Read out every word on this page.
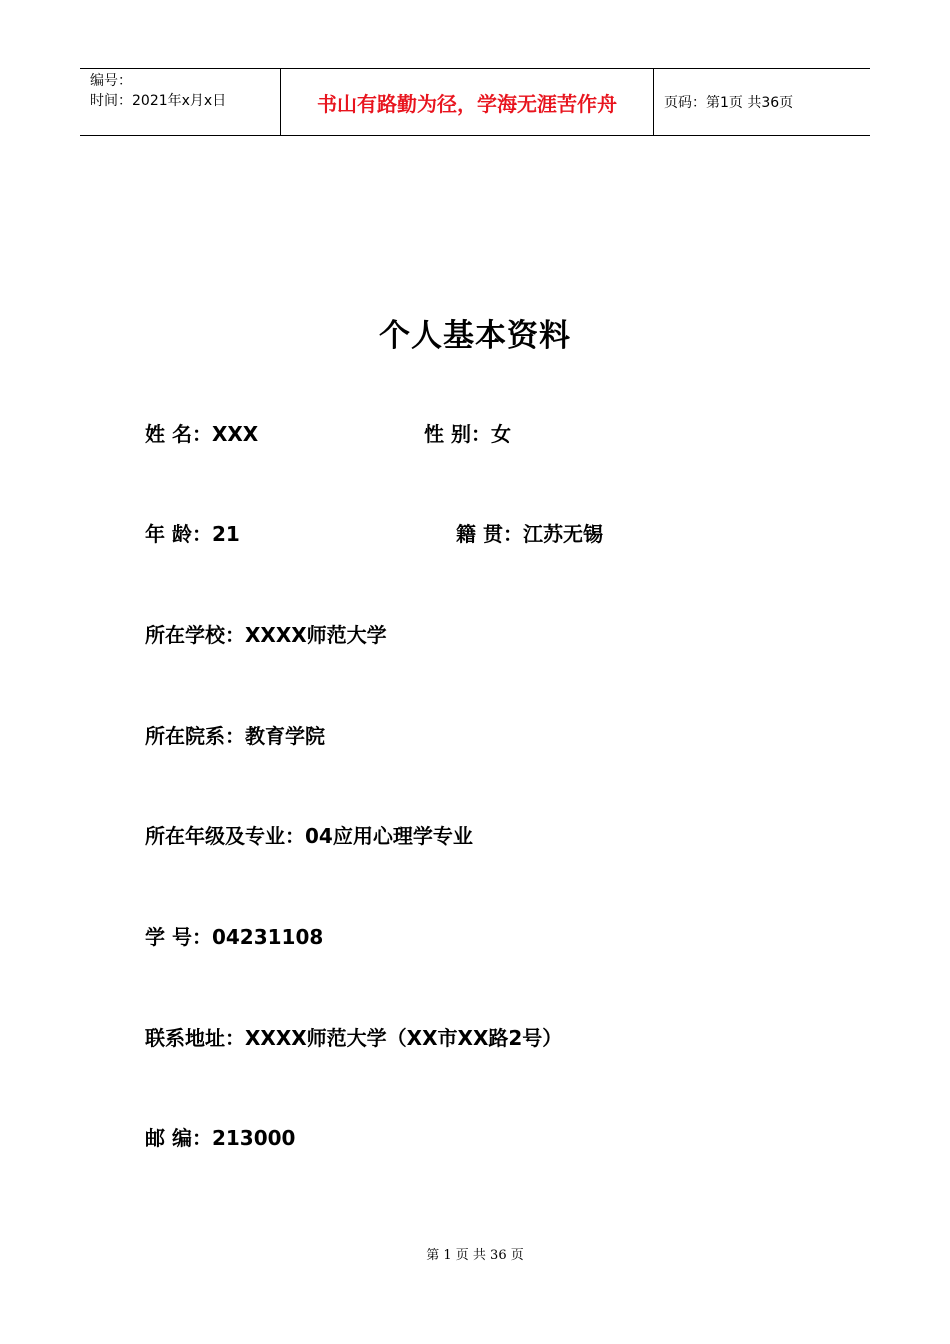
编号：
时间：2021年x月x日	书山有路勤为径，学海无涯苦作舟	页码：第1页 共36页
个人基本资料
姓 名：XXX	性 别：女
年 龄：21	籍 贯：江苏无锡
所在学校：XXXX师范大学
所在院系：教育学院
所在年级及专业：04应用心理学专业
学 号：04231108
联系地址：XXXX师范大学（XX市XX路2号）
邮 编：213000
第 1 页 共 36 页
